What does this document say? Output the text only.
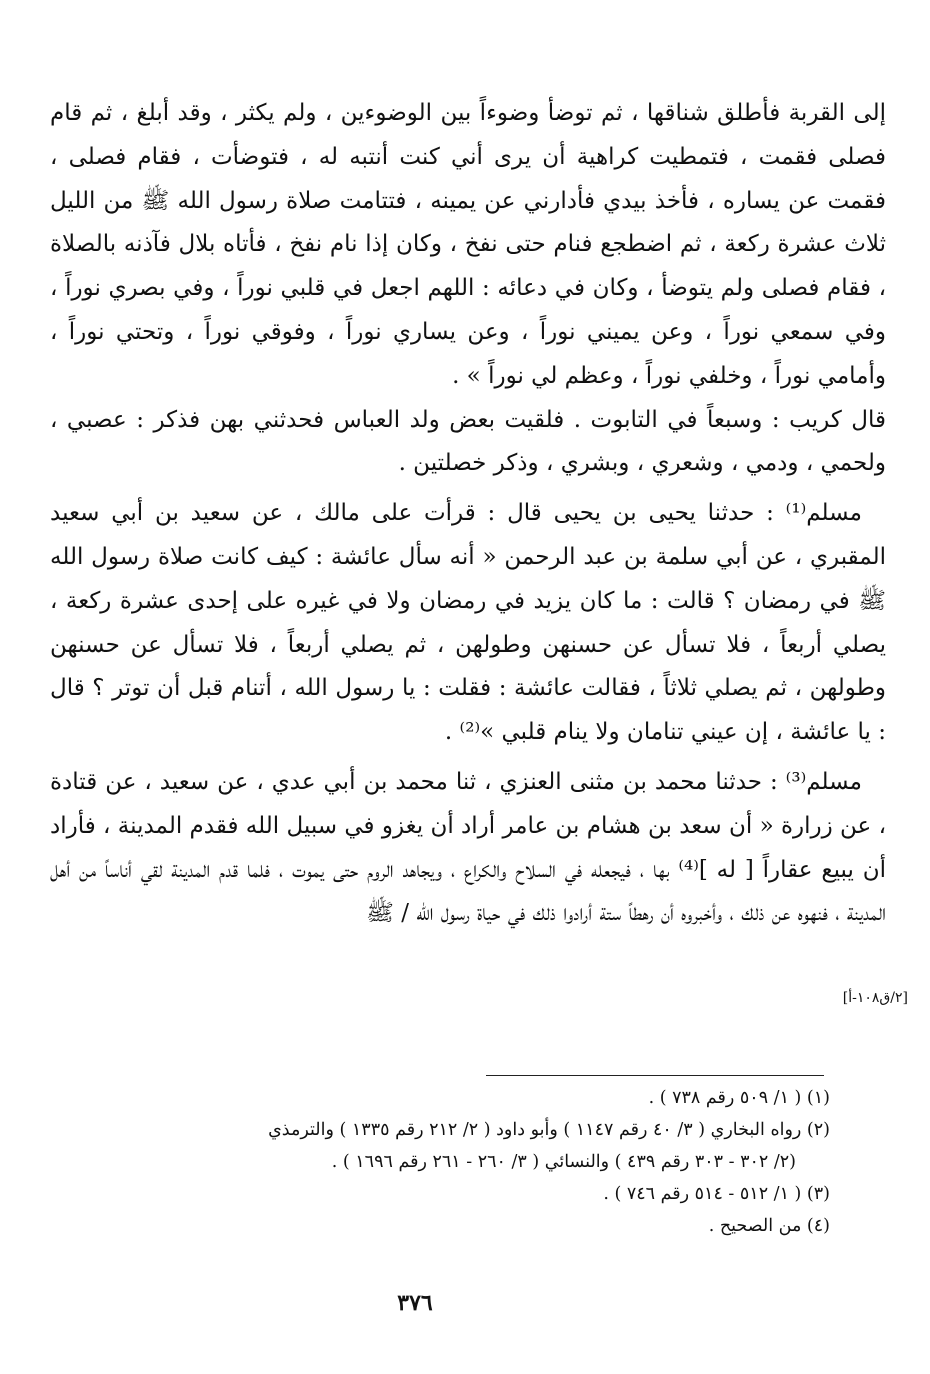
إلى القربة فأطلق شناقها ، ثم توضأ وضوءاً بين الوضوءين ، ولم يكثر ، وقد أبلغ ، ثم قام فصلى فقمت ، فتمطيت كراهية أن يرى أني كنت أنتبه له ، فتوضأت ، فقام فصلى ، فقمت عن يساره ، فأخذ بيدي فأدارني عن يمينه ، فتتامت صلاة رسول الله ﷺ من الليل ثلاث عشرة ركعة ، ثم اضطجع فنام حتى نفخ ، وكان إذا نام نفخ ، فأتاه بلال فآذنه بالصلاة ، فقام فصلى ولم يتوضأ ، وكان في دعائه : اللهم اجعل في قلبي نوراً ، وفي بصري نوراً ، وفي سمعي نوراً ، وعن يميني نوراً ، وعن يساري نوراً ، وفوقي نوراً ، وتحتي نوراً ، وأمامي نوراً ، وخلفي نوراً ، وعظم لي نوراً » .

قال كريب : وسبعاً في التابوت . فلقيت بعض ولد العباس فحدثني بهن فذكر : عصبي ، ولحمي ، ودمي ، وشعري ، وبشري ، وذكر خصلتين .

مسلم⁽¹⁾ : حدثنا يحيى بن يحيى قال : قرأت على مالك ، عن سعيد بن أبي سعيد المقبري ، عن أبي سلمة بن عبد الرحمن « أنه سأل عائشة : كيف كانت صلاة رسول الله ﷺ في رمضان ؟ قالت : ما كان يزيد في رمضان ولا في غيره على إحدى عشرة ركعة ، يصلي أربعاً ، فلا تسأل عن حسنهن وطولهن ، ثم يصلي أربعاً ، فلا تسأل عن حسنهن وطولهن ، ثم يصلي ثلاثاً ، فقالت عائشة : فقلت : يا رسول الله ، أتنام قبل أن توتر ؟ قال : يا عائشة ، إن عيني تنامان ولا ينام قلبي »⁽²⁾ .

مسلم⁽³⁾ : حدثنا محمد بن مثنى العنزي ، ثنا محمد بن أبي عدي ، عن سعيد ، عن قتادة ، عن زرارة « أن سعد بن هشام بن عامر أراد أن يغزو في سبيل الله فقدم المدينة ، فأراد أن يبيع عقاراً [ له ]⁽⁴⁾ بها ، فيجعله في السلاح والكراع ، ويجاهد الروم حتى يموت ، فلما قدم المدينة لقي أناساً من أهل المدينة ، فنهوه عن ذلك ، وأخبروه أن رهطاً ستة أرادوا ذلك في حياة رسول الله / ﷺ

[٢/ق١٠٨-أ]

(١) ( ١/ ٥٠٩ رقم ٧٣٨ ) .

(٢) رواه البخاري ( ٣/ ٤٠ رقم ١١٤٧ ) وأبو داود ( ٢/ ٢١٢ رقم ١٣٣٥ ) والترمذي

(٢/ ٣٠٢ - ٣٠٣ رقم ٤٣٩ ) والنسائي ( ٣/ ٢٦٠ - ٢٦١ رقم ١٦٩٦ ) .

(٣) ( ١/ ٥١٢ - ٥١٤ رقم ٧٤٦ ) .

(٤) من الصحيح .

٣٧٦
